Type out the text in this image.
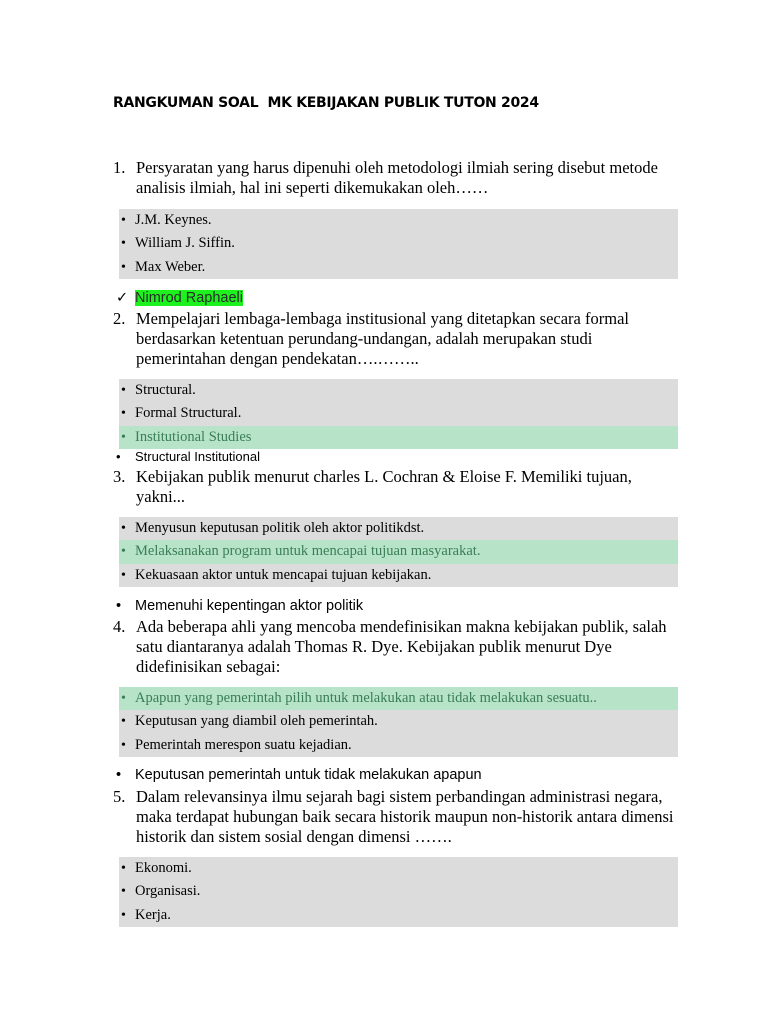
RANGKUMAN SOAL  MK KEBIJAKAN PUBLIK TUTON 2024
1. Persyaratan yang harus dipenuhi oleh metodologi ilmiah sering disebut metode analisis ilmiah, hal ini seperti dikemukakan oleh……
• J.M. Keynes.
• William J. Siffin.
• Max Weber.
✓ Nimrod Raphaeli
2. Mempelajari lembaga-lembaga institusional yang ditetapkan secara formal berdasarkan ketentuan perundang-undangan, adalah merupakan studi pemerintahan dengan pendekatan….……..
• Structural.
• Formal Structural.
• Institutional Studies
• Structural Institutional
3. Kebijakan publik menurut charles L. Cochran & Eloise F. Memiliki tujuan, yakni...
• Menyusun keputusan politik oleh aktor politikdst.
• Melaksanakan program untuk mencapai tujuan masyarakat.
• Kekuasaan aktor untuk mencapai tujuan kebijakan.
• Memenuhi kepentingan aktor politik
4. Ada beberapa ahli yang mencoba mendefinisikan makna kebijakan publik, salah satu diantaranya adalah Thomas R. Dye. Kebijakan publik menurut Dye didefinisikan sebagai:
• Apapun yang pemerintah pilih untuk melakukan atau tidak melakukan sesuatu..
• Keputusan yang diambil oleh pemerintah.
• Pemerintah merespon suatu kejadian.
• Keputusan pemerintah untuk tidak melakukan apapun
5. Dalam relevansinya ilmu sejarah bagi sistem perbandingan administrasi negara, maka terdapat hubungan baik secara historik maupun non-historik antara dimensi historik dan sistem sosial dengan dimensi …….
• Ekonomi.
• Organisasi.
• Kerja.
